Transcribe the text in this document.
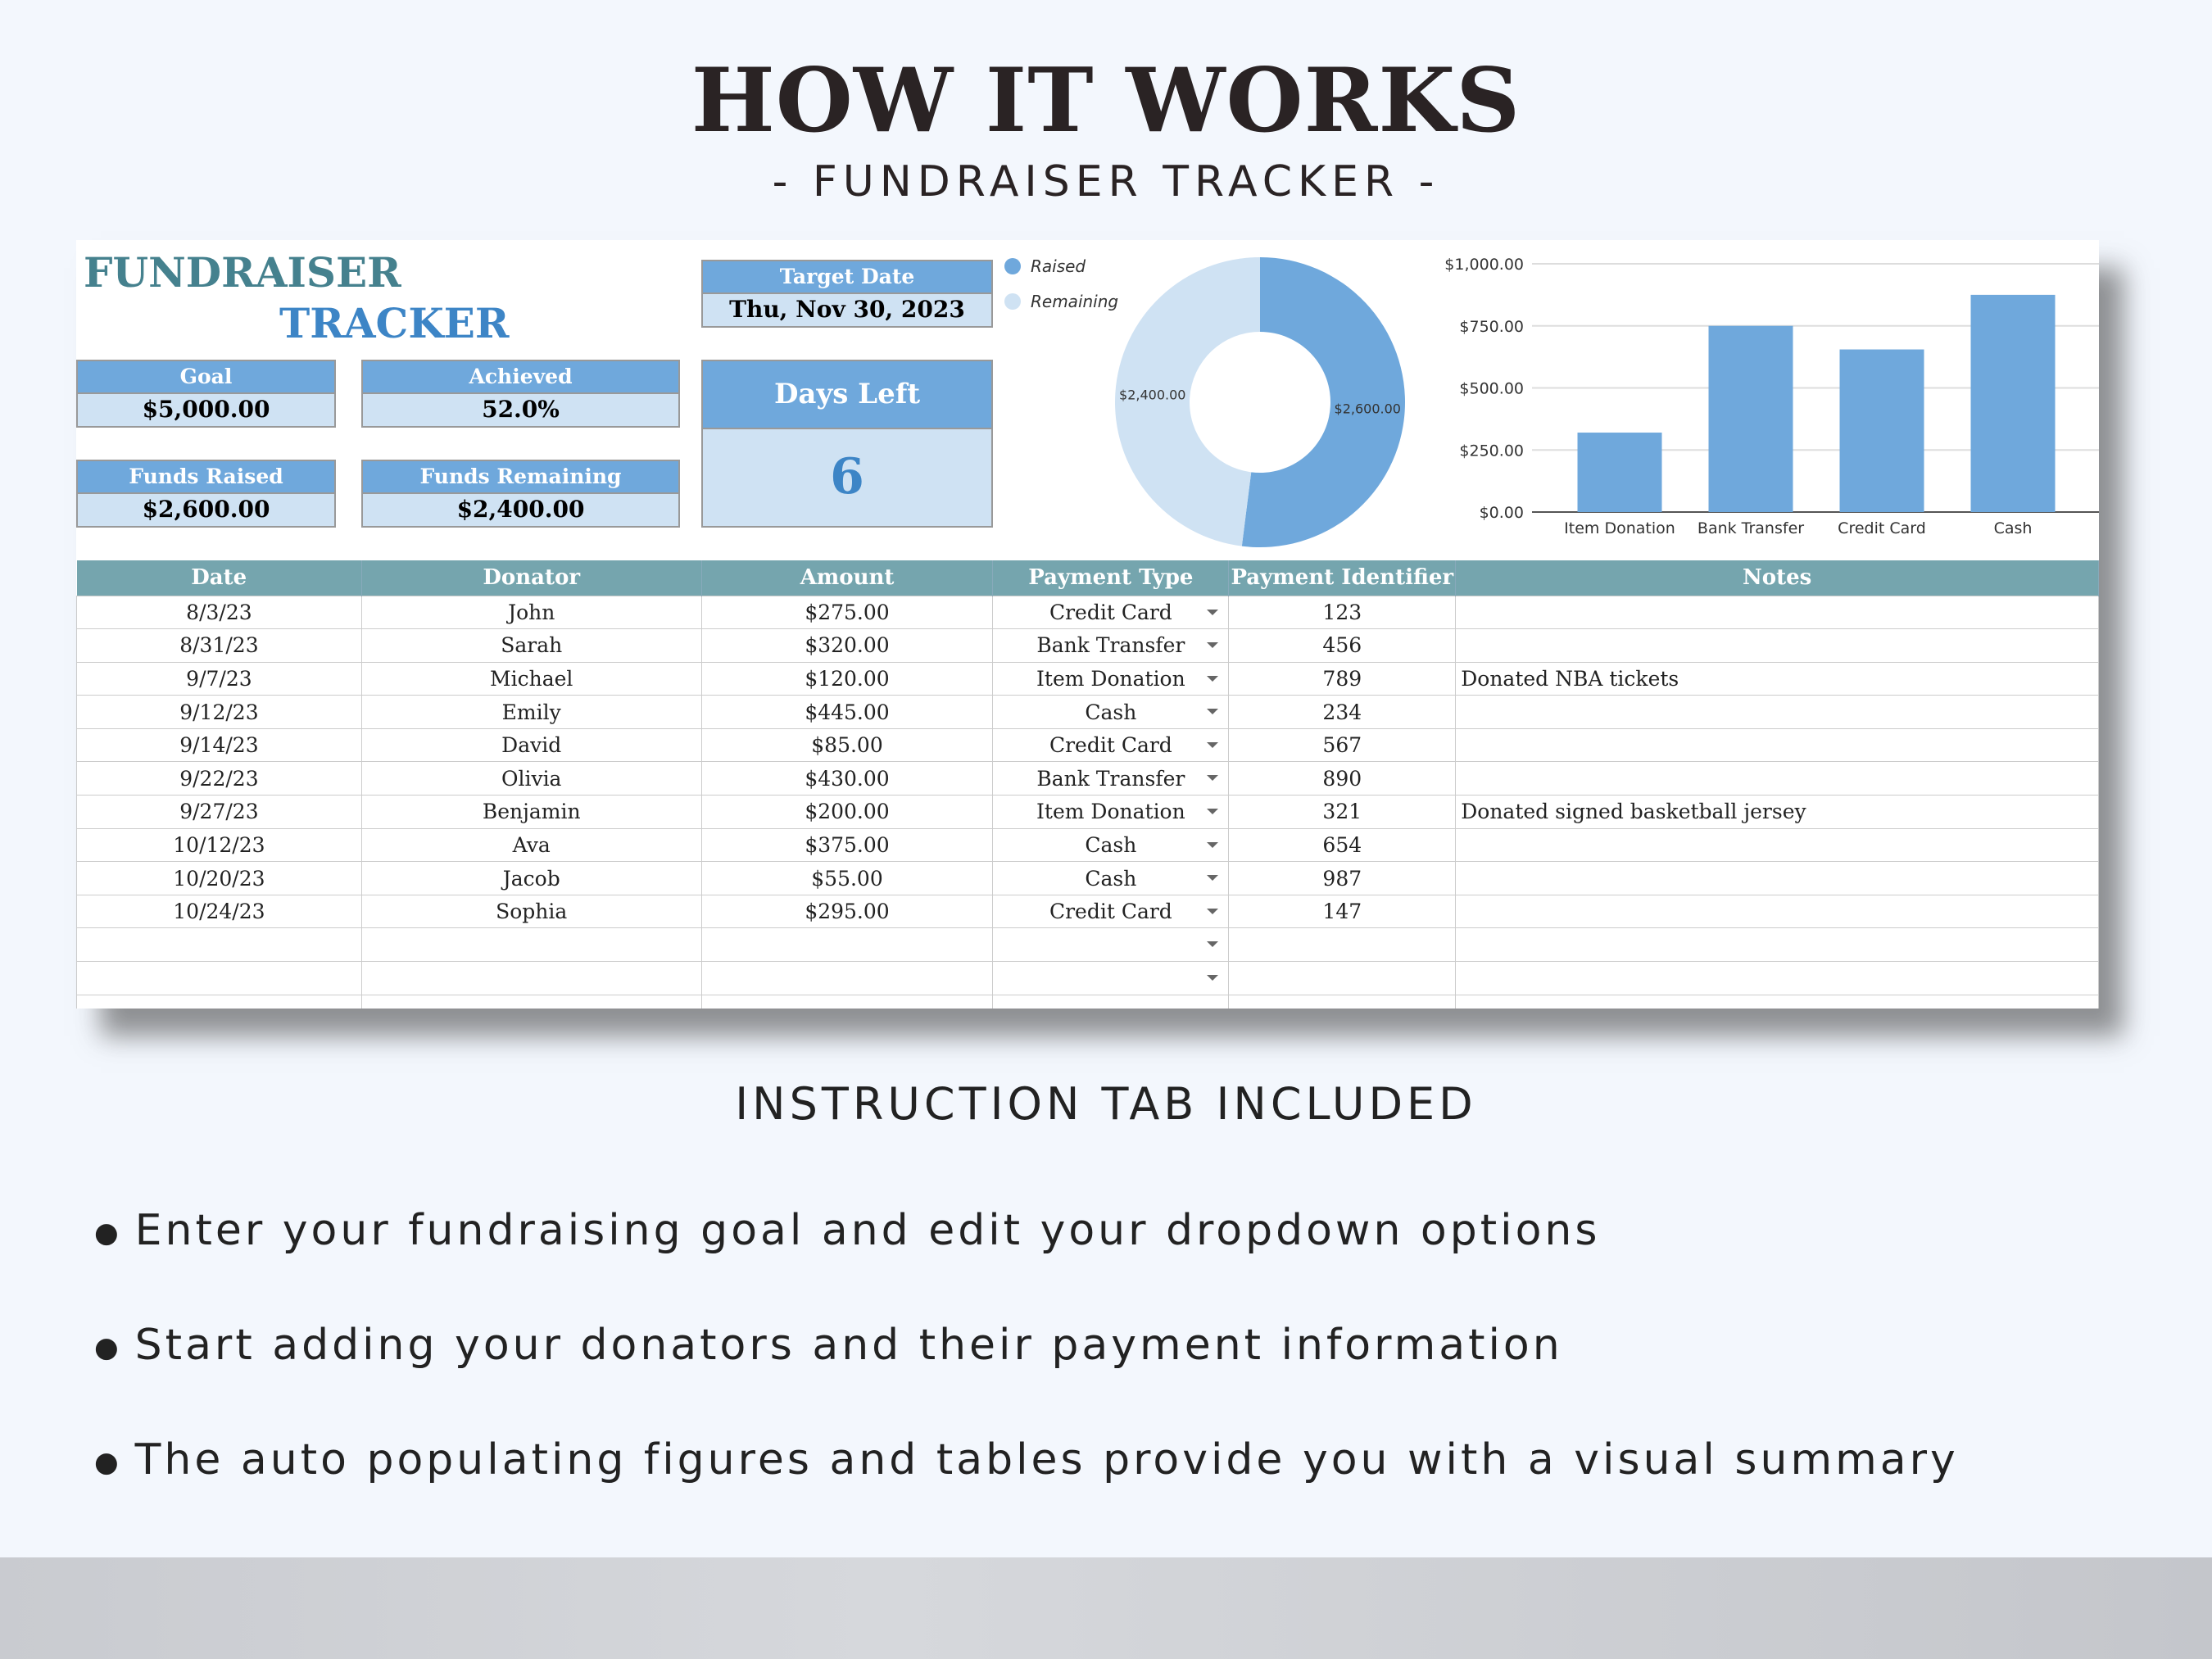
HOW IT WORKS
- FUNDRAISER TRACKER -
FUNDRAISER
TRACKER
Target Date
Thu, Nov 30, 2023
Goal
$5,000.00
Achieved
52.0%
Funds Raised
$2,600.00
Funds Remaining
$2,400.00
Days Left
6
Raised
Remaining
$2,600.00
$2,400.00
$0.00
$250.00
$500.00
$750.00
$1,000.00
Item Donation Bank Transfer Credit Card	Cash
Date	Donator	Amount	Payment Type	Payment Identifier	Notes
8/3/23	John	$275.00	Credit Card	123	
8/31/23	Sarah	$320.00	Bank Transfer	456	
9/7/23	Michael	$120.00	Item Donation	789	Donated NBA tickets
9/12/23	Emily	$445.00	Cash	234	
9/14/23	David	$85.00	Credit Card	567	
9/22/23	Olivia	$430.00	Bank Transfer	890	
9/27/23	Benjamin	$200.00	Item Donation	321	Donated signed basketball jersey
10/12/23	Ava	$375.00	Cash	654	
10/20/23	Jacob	$55.00	Cash	987	
10/24/23	Sophia	$295.00	Credit Card	147	

INSTRUCTION TAB INCLUDED
● Enter your fundraising goal and edit your dropdown options
● Start adding your donators and their payment information
● The auto populating figures and tables provide you with a visual summary
